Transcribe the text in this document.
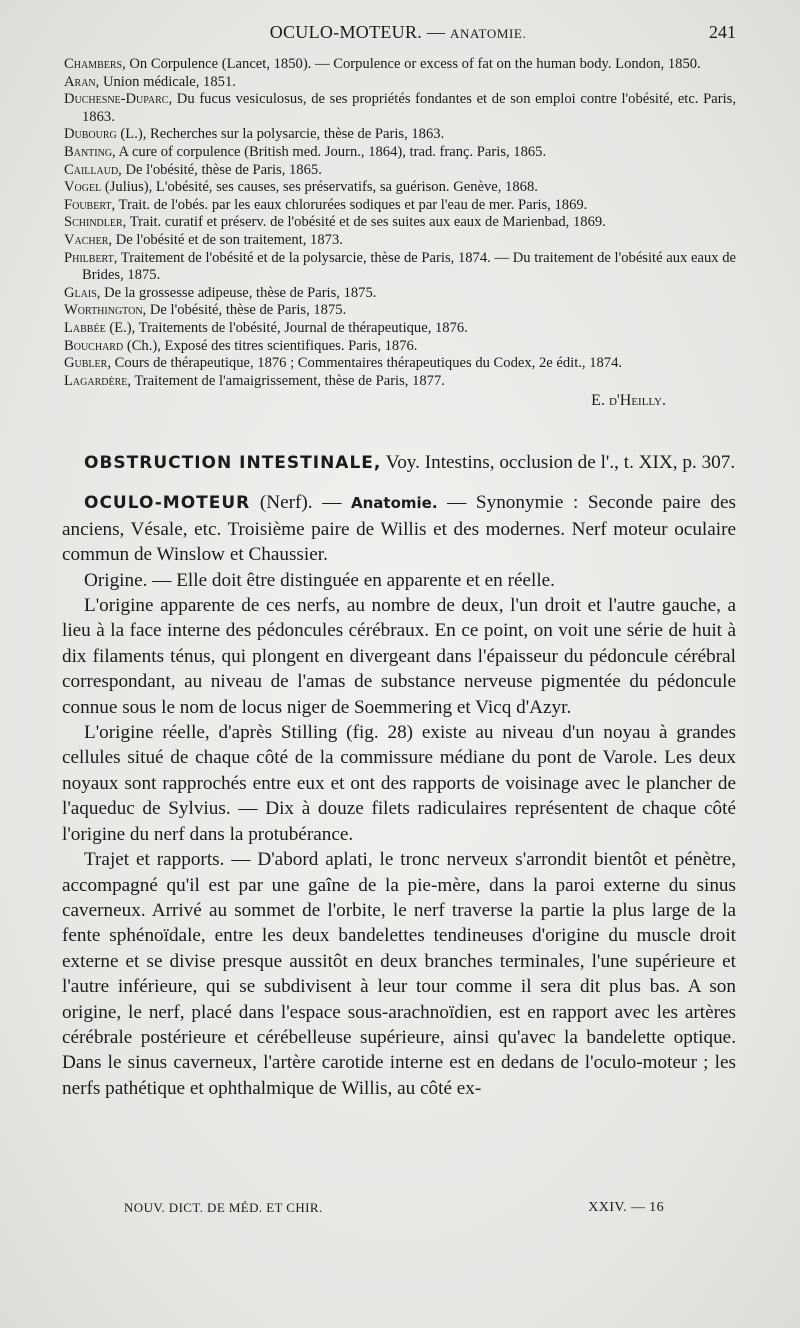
OCULO-MOTEUR. — ANATOMIE.	241
Chambers, On Corpulence (Lancet, 1850). — Corpulence or excess of fat on the human body. London, 1850.
Aran, Union médicale, 1851.
Duchesne-Duparc, Du fucus vesiculosus, de ses propriétés fondantes et de son emploi contre l'obésité, etc. Paris, 1863.
Dubourg (L.), Recherches sur la polysarcie, thèse de Paris, 1863.
Banting, A cure of corpulence (British med. Journ., 1864), trad. franç. Paris, 1865.
Caillaud, De l'obésité, thèse de Paris, 1865.
Vogel (Julius), L'obésité, ses causes, ses préservatifs, sa guérison. Genève, 1868.
Foubert, Trait. de l'obés. par les eaux chlorurées sodiques et par l'eau de mer. Paris, 1869.
Schindler, Trait. curatif et préserv. de l'obésité et de ses suites aux eaux de Marienbad, 1869.
Vacher, De l'obésité et de son traitement, 1873.
Philbert, Traitement de l'obésité et de la polysarcie, thèse de Paris, 1874. — Du traitement de l'obésité aux eaux de Brides, 1875.
Glais, De la grossesse adipeuse, thèse de Paris, 1875.
Worthington, De l'obésité, thèse de Paris, 1875.
Labbée (E.), Traitements de l'obésité, Journal de thérapeutique, 1876.
Bouchard (Ch.), Exposé des titres scientifiques. Paris, 1876.
Gubler, Cours de thérapeutique, 1876 ; Commentaires thérapeutiques du Codex, 2e édit., 1874.
Lagardère, Traitement de l'amaigrissement, thèse de Paris, 1877.
E. d'Heilly.

OBSTRUCTION INTESTINALE, Voy. Intestins, occlusion de l'., t. XIX, p. 307.

OCULO-MOTEUR (Nerf). — Anatomie. — Synonymie : Seconde paire des anciens, Vésale, etc. Troisième paire de Willis et des modernes. Nerf moteur oculaire commun de Winslow et Chaussier.

Origine. — Elle doit être distinguée en apparente et en réelle.

L'origine apparente de ces nerfs, au nombre de deux, l'un droit et l'autre gauche, a lieu à la face interne des pédoncules cérébraux. En ce point, on voit une série de huit à dix filaments ténus, qui plongent en divergeant dans l'épaisseur du pédoncule cérébral correspondant, au niveau de l'amas de substance nerveuse pigmentée du pédoncule connue sous le nom de locus niger de Soemmering et Vicq d'Azyr.

L'origine réelle, d'après Stilling (fig. 28) existe au niveau d'un noyau à grandes cellules situé de chaque côté de la commissure médiane du pont de Varole. Les deux noyaux sont rapprochés entre eux et ont des rapports de voisinage avec le plancher de l'aqueduc de Sylvius. — Dix à douze filets radiculaires représentent de chaque côté l'origine du nerf dans la protubérance.

Trajet et rapports. — D'abord aplati, le tronc nerveux s'arrondit bientôt et pénètre, accompagné qu'il est par une gaîne de la pie-mère, dans la paroi externe du sinus caverneux. Arrivé au sommet de l'orbite, le nerf traverse la partie la plus large de la fente sphénoïdale, entre les deux bandelettes tendineuses d'origine du muscle droit externe et se divise presque aussitôt en deux branches terminales, l'une supérieure et l'autre inférieure, qui se subdivisent à leur tour comme il sera dit plus bas. A son origine, le nerf, placé dans l'espace sous-arachnoïdien, est en rapport avec les artères cérébrale postérieure et cérébelleuse supérieure, ainsi qu'avec la bandelette optique. Dans le sinus caverneux, l'artère carotide interne est en dedans de l'oculo-moteur ; les nerfs pathétique et ophthalmique de Willis, au côté ex-

NOUV. DICT. DE MÉD. ET CHIR.	XXIV. — 16
